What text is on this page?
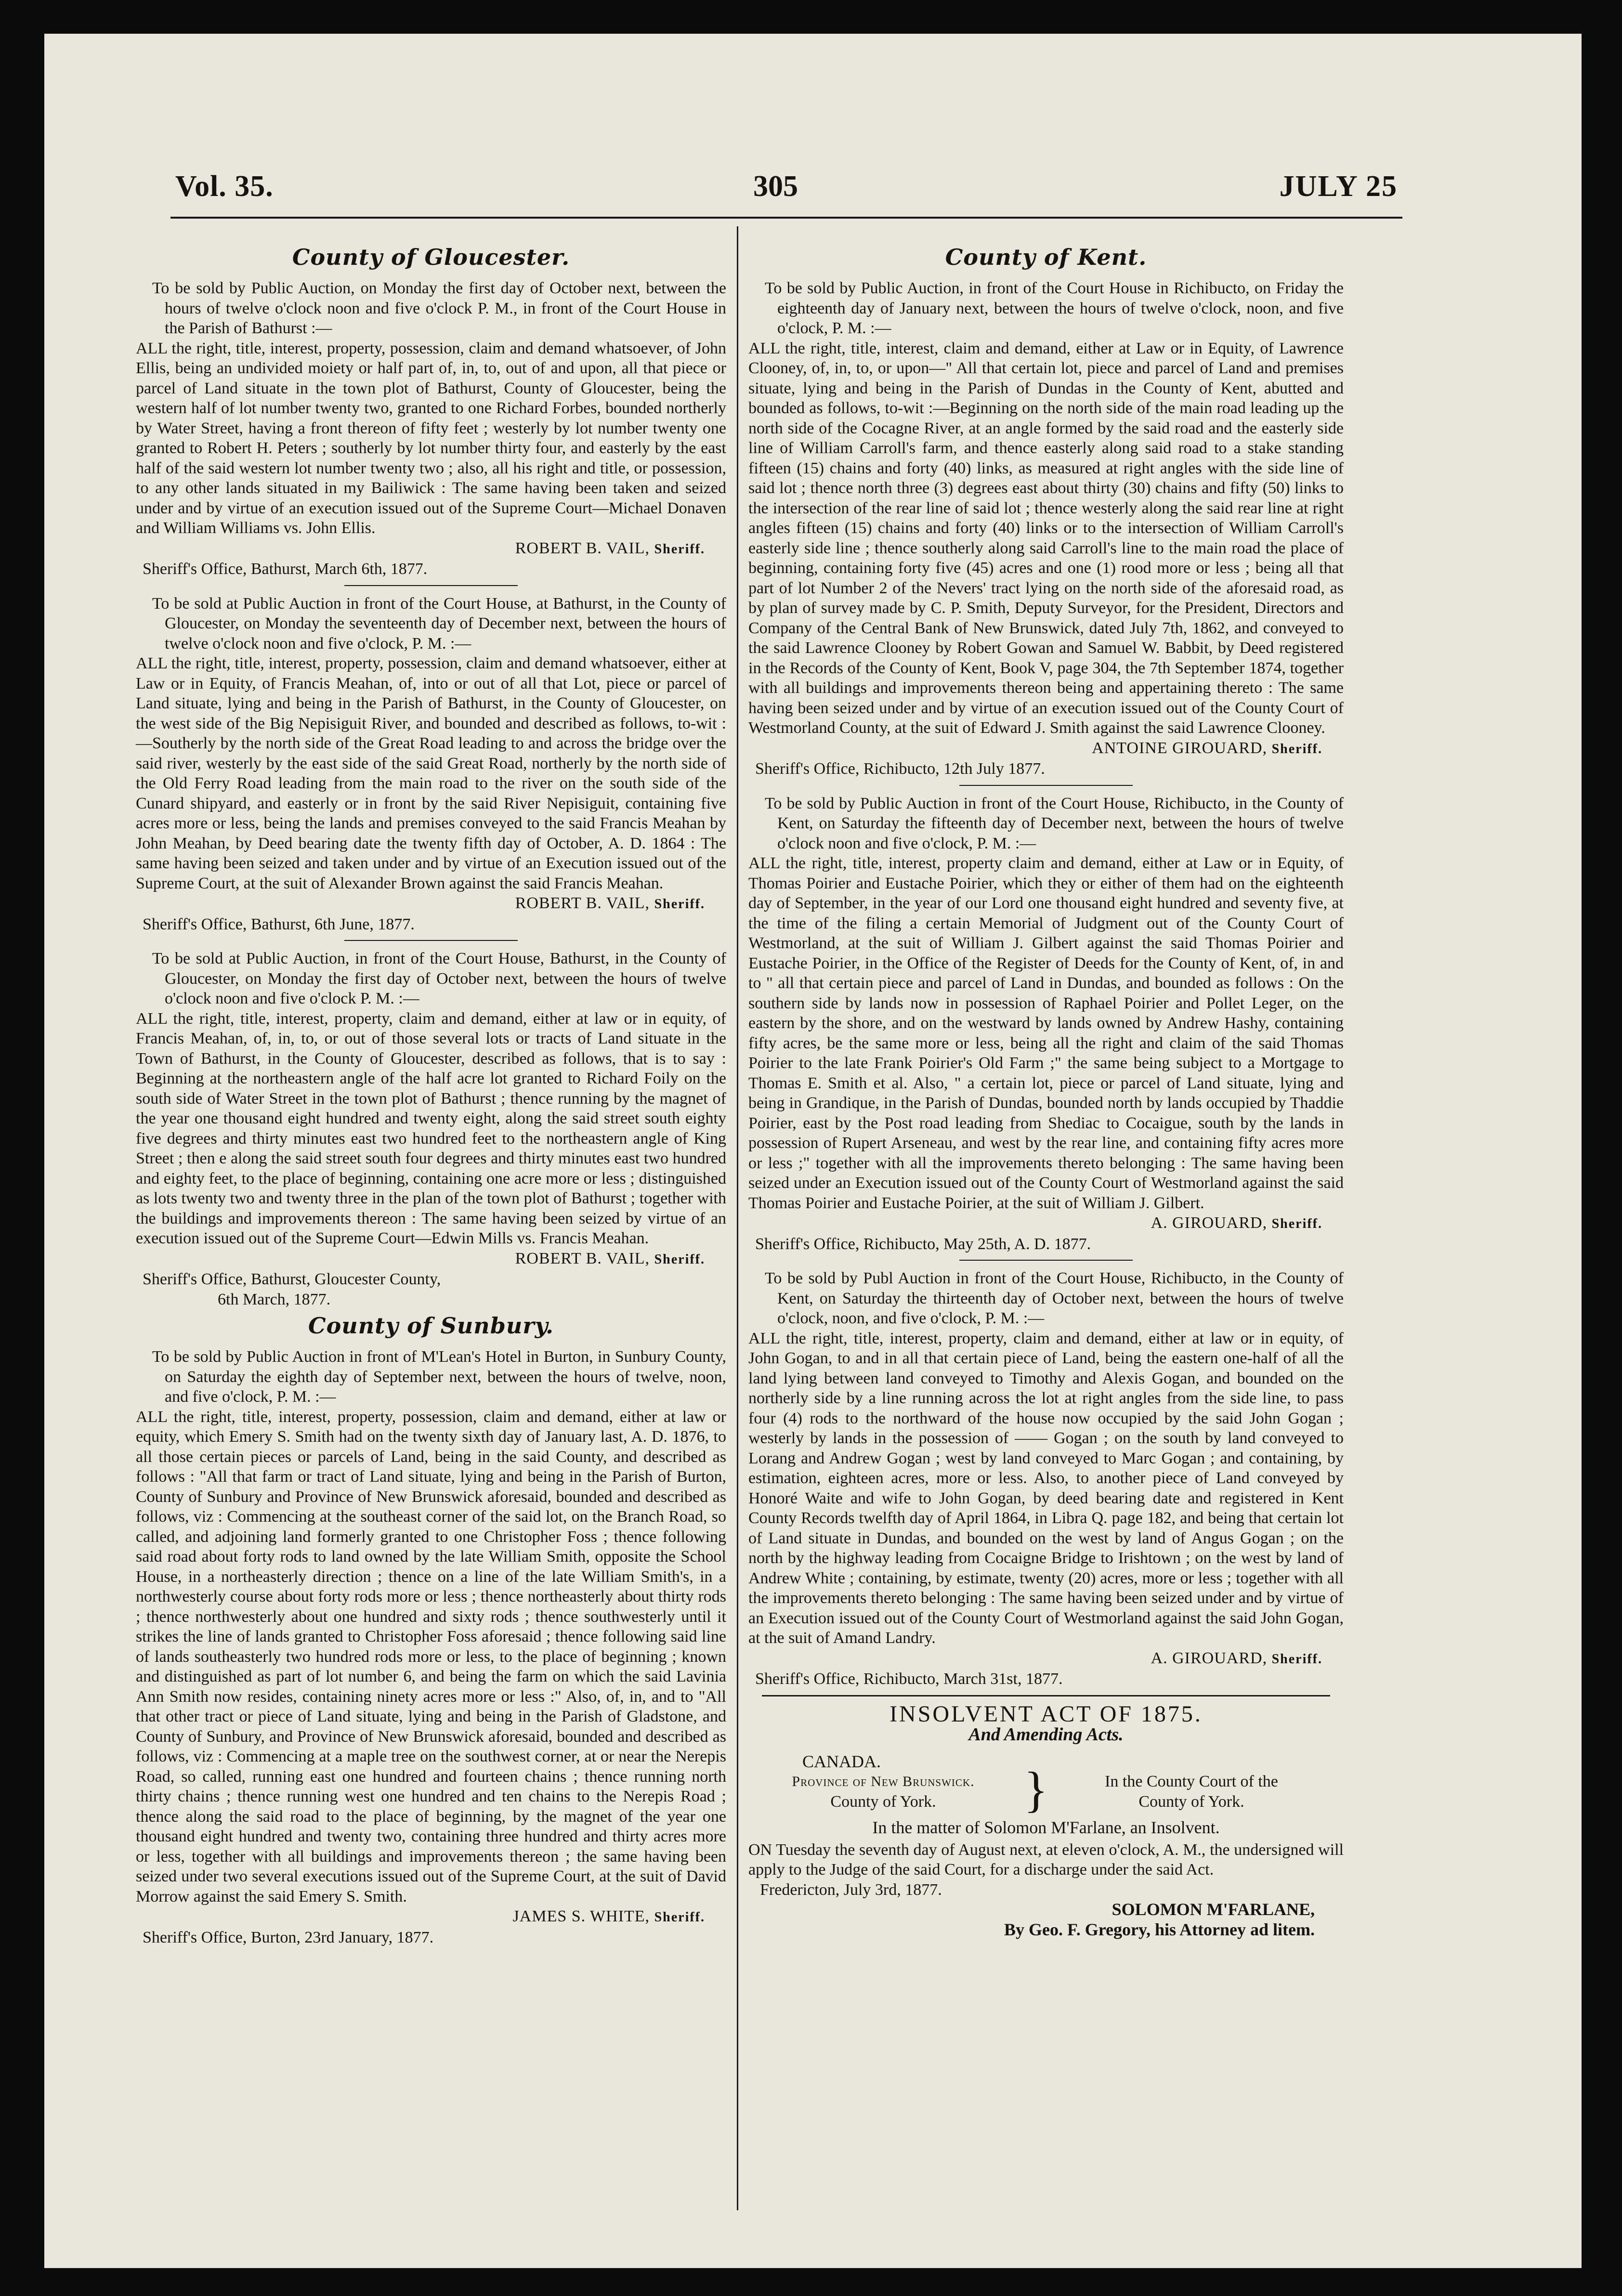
Vol. 35.	305	JULY 25
County of Gloucester.

To be sold by Public Auction, on Monday the first day of October next, between the hours of twelve o'clock noon and five o'clock P. M., in front of the Court House in the Parish of Bathurst :—

ALL the right, title, interest, property, possession, claim and demand whatsoever, of John Ellis, being an undivided moiety or half part of, in, to, out of and upon, all that piece or parcel of Land situate in the town plot of Bathurst, County of Gloucester, being the western half of lot number twenty two, granted to one Richard Forbes, bounded northerly by Water Street, having a front thereon of fifty feet ; westerly by lot number twenty one granted to Robert H. Peters ; southerly by lot number thirty four, and easterly by the east half of the said western lot number twenty two ; also, all his right and title, or possession, to any other lands situated in my Bailiwick : The same having been taken and seized under and by virtue of an execution issued out of the Supreme Court—Michael Donaven and William Williams vs. John Ellis.

ROBERT B. VAIL, Sheriff.

Sheriff's Office, Bathurst, March 6th, 1877.

To be sold at Public Auction in front of the Court House, at Bathurst, in the County of Gloucester, on Monday the seventeenth day of December next, between the hours of twelve o'clock noon and five o'clock, P. M. :—

ALL the right, title, interest, property, possession, claim and demand whatsoever, either at Law or in Equity, of Francis Meahan, of, into or out of all that Lot, piece or parcel of Land situate, lying and being in the Parish of Bathurst, in the County of Gloucester, on the west side of the Big Nepisiguit River, and bounded and described as follows, to-wit :—Southerly by the north side of the Great Road leading to and across the bridge over the said river, westerly by the east side of the said Great Road, northerly by the north side of the Old Ferry Road leading from the main road to the river on the south side of the Cunard shipyard, and easterly or in front by the said River Nepisiguit, containing five acres more or less, being the lands and premises conveyed to the said Francis Meahan by John Meahan, by Deed bearing date the twenty fifth day of October, A. D. 1864 : The same having been seized and taken under and by virtue of an Execution issued out of the Supreme Court, at the suit of Alexander Brown against the said Francis Meahan.

ROBERT B. VAIL, Sheriff.

Sheriff's Office, Bathurst, 6th June, 1877.

To be sold at Public Auction, in front of the Court House, Bathurst, in the County of Gloucester, on Monday the first day of October next, between the hours of twelve o'clock noon and five o'clock P. M. :—

ALL the right, title, interest, property, claim and demand, either at law or in equity, of Francis Meahan, of, in, to, or out of those several lots or tracts of Land situate in the Town of Bathurst, in the County of Gloucester, described as follows, that is to say : Beginning at the northeastern angle of the half acre lot granted to Richard Foily on the south side of Water Street in the town plot of Bathurst ; thence running by the magnet of the year one thousand eight hundred and twenty eight, along the said street south eighty five degrees and thirty minutes east two hundred feet to the northeastern angle of King Street ; then e along the said street south four degrees and thirty minutes east two hundred and eighty feet, to the place of beginning, containing one acre more or less ; distinguished as lots twenty two and twenty three in the plan of the town plot of Bathurst ; together with the buildings and improvements thereon : The same having been seized by virtue of an execution issued out of the Supreme Court—Edwin Mills vs. Francis Meahan.

ROBERT B. VAIL, Sheriff.

Sheriff's Office, Bathurst, Gloucester County,

6th March, 1877.

County of Sunbury.

To be sold by Public Auction in front of M'Lean's Hotel in Burton, in Sunbury County, on Saturday the eighth day of September next, between the hours of twelve, noon, and five o'clock, P. M. :—

ALL the right, title, interest, property, possession, claim and demand, either at law or equity, which Emery S. Smith had on the twenty sixth day of January last, A. D. 1876, to all those certain pieces or parcels of Land, being in the said County, and described as follows : "All that farm or tract of Land situate, lying and being in the Parish of Burton, County of Sunbury and Province of New Brunswick aforesaid, bounded and described as follows, viz : Commencing at the southeast corner of the said lot, on the Branch Road, so called, and adjoining land formerly granted to one Christopher Foss ; thence following said road about forty rods to land owned by the late William Smith, opposite the School House, in a northeasterly direction ; thence on a line of the late William Smith's, in a northwesterly course about forty rods more or less ; thence northeasterly about thirty rods ; thence northwesterly about one hundred and sixty rods ; thence southwesterly until it strikes the line of lands granted to Christopher Foss aforesaid ; thence following said line of lands southeasterly two hundred rods more or less, to the place of beginning ; known and distinguished as part of lot number 6, and being the farm on which the said Lavinia Ann Smith now resides, containing ninety acres more or less :" Also, of, in, and to "All that other tract or piece of Land situate, lying and being in the Parish of Gladstone, and County of Sunbury, and Province of New Brunswick aforesaid, bounded and described as follows, viz : Commencing at a maple tree on the southwest corner, at or near the Nerepis Road, so called, running east one hundred and fourteen chains ; thence running north thirty chains ; thence running west one hundred and ten chains to the Nerepis Road ; thence along the said road to the place of beginning, by the magnet of the year one thousand eight hundred and twenty two, containing three hundred and thirty acres more or less, together with all buildings and improvements thereon ; the same having been seized under two several executions issued out of the Supreme Court, at the suit of David Morrow against the said Emery S. Smith.

JAMES S. WHITE, Sheriff.

Sheriff's Office, Burton, 23rd January, 1877.

County of Kent.

To be sold by Public Auction, in front of the Court House in Richibucto, on Friday the eighteenth day of January next, between the hours of twelve o'clock, noon, and five o'clock, P. M. :—

ALL the right, title, interest, claim and demand, either at Law or in Equity, of Lawrence Clooney, of, in, to, or upon—" All that certain lot, piece and parcel of Land and premises situate, lying and being in the Parish of Dundas in the County of Kent, abutted and bounded as follows, to-wit :—Beginning on the north side of the main road leading up the north side of the Cocagne River, at an angle formed by the said road and the easterly side line of William Carroll's farm, and thence easterly along said road to a stake standing fifteen (15) chains and forty (40) links, as measured at right angles with the side line of said lot ; thence north three (3) degrees east about thirty (30) chains and fifty (50) links to the intersection of the rear line of said lot ; thence westerly along the said rear line at right angles fifteen (15) chains and forty (40) links or to the intersection of William Carroll's easterly side line ; thence southerly along said Carroll's line to the main road the place of beginning, containing forty five (45) acres and one (1) rood more or less ; being all that part of lot Number 2 of the Nevers' tract lying on the north side of the aforesaid road, as by plan of survey made by C. P. Smith, Deputy Surveyor, for the President, Directors and Company of the Central Bank of New Brunswick, dated July 7th, 1862, and conveyed to the said Lawrence Clooney by Robert Gowan and Samuel W. Babbit, by Deed registered in the Records of the County of Kent, Book V, page 304, the 7th September 1874, together with all buildings and improvements thereon being and appertaining thereto : The same having been seized under and by virtue of an execution issued out of the County Court of Westmorland County, at the suit of Edward J. Smith against the said Lawrence Clooney.

ANTOINE GIROUARD, Sheriff.

Sheriff's Office, Richibucto, 12th July 1877.

To be sold by Public Auction in front of the Court House, Richibucto, in the County of Kent, on Saturday the fifteenth day of December next, between the hours of twelve o'clock noon and five o'clock, P. M. :—

ALL the right, title, interest, property claim and demand, either at Law or in Equity, of Thomas Poirier and Eustache Poirier, which they or either of them had on the eighteenth day of September, in the year of our Lord one thousand eight hundred and seventy five, at the time of the filing a certain Memorial of Judgment out of the County Court of Westmorland, at the suit of William J. Gilbert against the said Thomas Poirier and Eustache Poirier, in the Office of the Register of Deeds for the County of Kent, of, in and to " all that certain piece and parcel of Land in Dundas, and bounded as follows : On the southern side by lands now in possession of Raphael Poirier and Pollet Leger, on the eastern by the shore, and on the westward by lands owned by Andrew Hashy, containing fifty acres, be the same more or less, being all the right and claim of the said Thomas Poirier to the late Frank Poirier's Old Farm ;" the same being subject to a Mortgage to Thomas E. Smith et al. Also, " a certain lot, piece or parcel of Land situate, lying and being in Grandique, in the Parish of Dundas, bounded north by lands occupied by Thaddie Poirier, east by the Post road leading from Shediac to Cocaigue, south by the lands in possession of Rupert Arseneau, and west by the rear line, and containing fifty acres more or less ;" together with all the improvements thereto belonging : The same having been seized under an Execution issued out of the County Court of Westmorland against the said Thomas Poirier and Eustache Poirier, at the suit of William J. Gilbert.

A. GIROUARD, Sheriff.

Sheriff's Office, Richibucto, May 25th, A. D. 1877.

To be sold by Publ Auction in front of the Court House, Richibucto, in the County of Kent, on Saturday the thirteenth day of October next, between the hours of twelve o'clock, noon, and five o'clock, P. M. :—

ALL the right, title, interest, property, claim and demand, either at law or in equity, of John Gogan, to and in all that certain piece of Land, being the eastern one-half of all the land lying between land conveyed to Timothy and Alexis Gogan, and bounded on the northerly side by a line running across the lot at right angles from the side line, to pass four (4) rods to the northward of the house now occupied by the said John Gogan ; westerly by lands in the possession of —— Gogan ; on the south by land conveyed to Lorang and Andrew Gogan ; west by land conveyed to Marc Gogan ; and containing, by estimation, eighteen acres, more or less. Also, to another piece of Land conveyed by Honoré Waite and wife to John Gogan, by deed bearing date and registered in Kent County Records twelfth day of April 1864, in Libra Q. page 182, and being that certain lot of Land situate in Dundas, and bounded on the west by land of Angus Gogan ; on the north by the highway leading from Cocaigne Bridge to Irishtown ; on the west by land of Andrew White ; containing, by estimate, twenty (20) acres, more or less ; together with all the improvements thereto belonging : The same having been seized under and by virtue of an Execution issued out of the County Court of Westmorland against the said John Gogan, at the suit of Amand Landry.

A. GIROUARD, Sheriff.

Sheriff's Office, Richibucto, March 31st, 1877.

INSOLVENT ACT OF 1875.
And Amending Acts.
CANADA.
Province of New Brunswick.
County of York.	}	In the County Court of the
County of York.
In the matter of Solomon M'Farlane, an Insolvent.

ON Tuesday the seventh day of August next, at eleven o'clock, A. M., the undersigned will apply to the Judge of the said Court, for a discharge under the said Act.

Fredericton, July 3rd, 1877.

SOLOMON M'FARLANE,

By Geo. F. Gregory, his Attorney ad litem.
